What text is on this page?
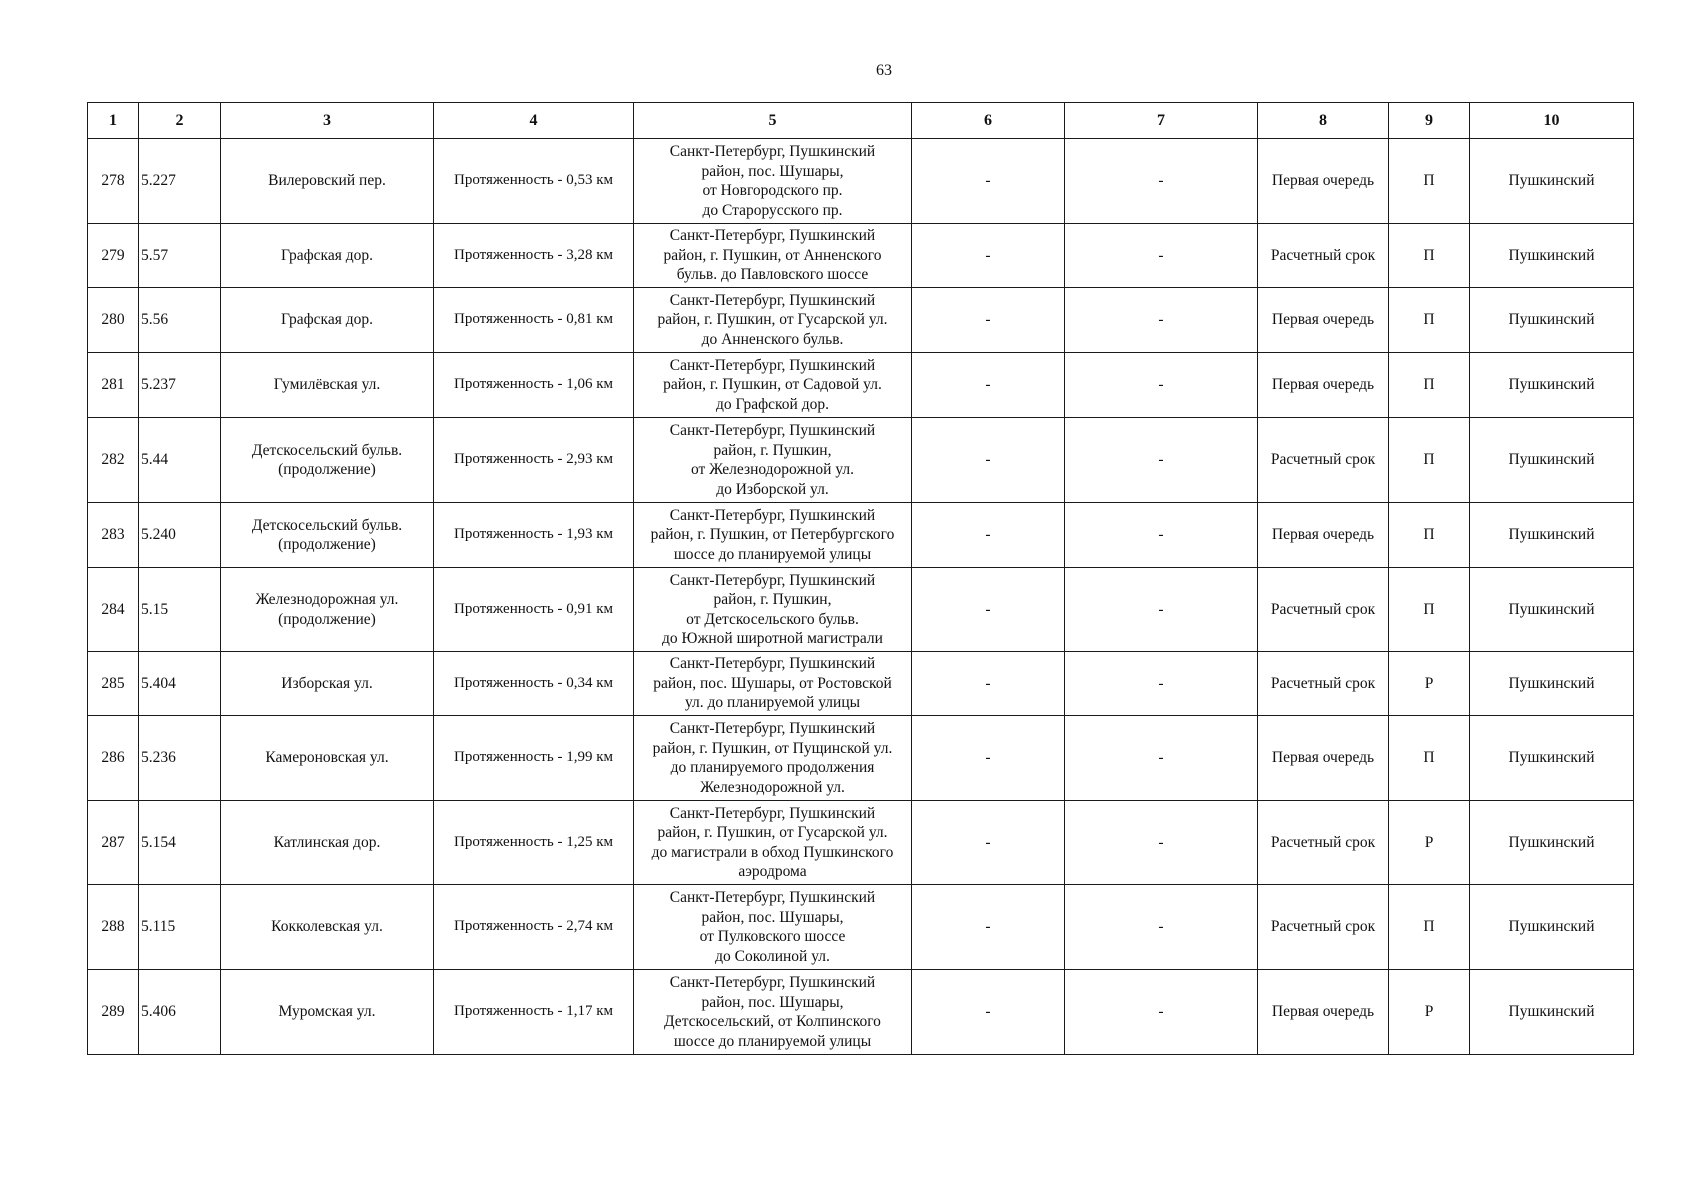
63
1	2	3	4	5	6	7	8	9	10
278	5.227	Вилеровский пер.	Протяженность - 0,53 км	Санкт-Петербург, Пушкинский
район, пос. Шушары,
от Новгородского пр.
до Старорусского пр.	-	-	Первая очередь	П	Пушкинский
279	5.57	Графская дор.	Протяженность - 3,28 км	Санкт-Петербург, Пушкинский
район, г. Пушкин, от Анненского
бульв. до Павловского шоссе	-	-	Расчетный срок	П	Пушкинский
280	5.56	Графская дор.	Протяженность - 0,81 км	Санкт-Петербург, Пушкинский
район, г. Пушкин, от Гусарской ул.
до Анненского бульв.	-	-	Первая очередь	П	Пушкинский
281	5.237	Гумилёвская ул.	Протяженность - 1,06 км	Санкт-Петербург, Пушкинский
район, г. Пушкин, от Садовой ул.
до Графской дор.	-	-	Первая очередь	П	Пушкинский
282	5.44	Детскосельский бульв.
(продолжение)	Протяженность - 2,93 км	Санкт-Петербург, Пушкинский
район, г. Пушкин,
от Железнодорожной ул.
до Изборской ул.	-	-	Расчетный срок	П	Пушкинский
283	5.240	Детскосельский бульв.
(продолжение)	Протяженность - 1,93 км	Санкт-Петербург, Пушкинский
район, г. Пушкин, от Петербургского
шоссе до планируемой улицы	-	-	Первая очередь	П	Пушкинский
284	5.15	Железнодорожная ул.
(продолжение)	Протяженность - 0,91 км	Санкт-Петербург, Пушкинский
район, г. Пушкин,
от Детскосельского бульв.
до Южной широтной магистрали	-	-	Расчетный срок	П	Пушкинский
285	5.404	Изборская ул.	Протяженность - 0,34 км	Санкт-Петербург, Пушкинский
район, пос. Шушары, от Ростовской
ул. до планируемой улицы	-	-	Расчетный срок	Р	Пушкинский
286	5.236	Камероновская ул.	Протяженность - 1,99 км	Санкт-Петербург, Пушкинский
район, г. Пушкин, от Пущинской ул.
до планируемого продолжения
Железнодорожной ул.	-	-	Первая очередь	П	Пушкинский
287	5.154	Катлинская дор.	Протяженность - 1,25 км	Санкт-Петербург, Пушкинский
район, г. Пушкин, от Гусарской ул.
до магистрали в обход Пушкинского
аэродрома	-	-	Расчетный срок	Р	Пушкинский
288	5.115	Кокколевская ул.	Протяженность - 2,74 км	Санкт-Петербург, Пушкинский
район, пос. Шушары,
от Пулковского шоссе
до Соколиной ул.	-	-	Расчетный срок	П	Пушкинский
289	5.406	Муромская ул.	Протяженность - 1,17 км	Санкт-Петербург, Пушкинский
район, пос. Шушары,
Детскосельский, от Колпинского
шоссе до планируемой улицы	-	-	Первая очередь	Р	Пушкинский
